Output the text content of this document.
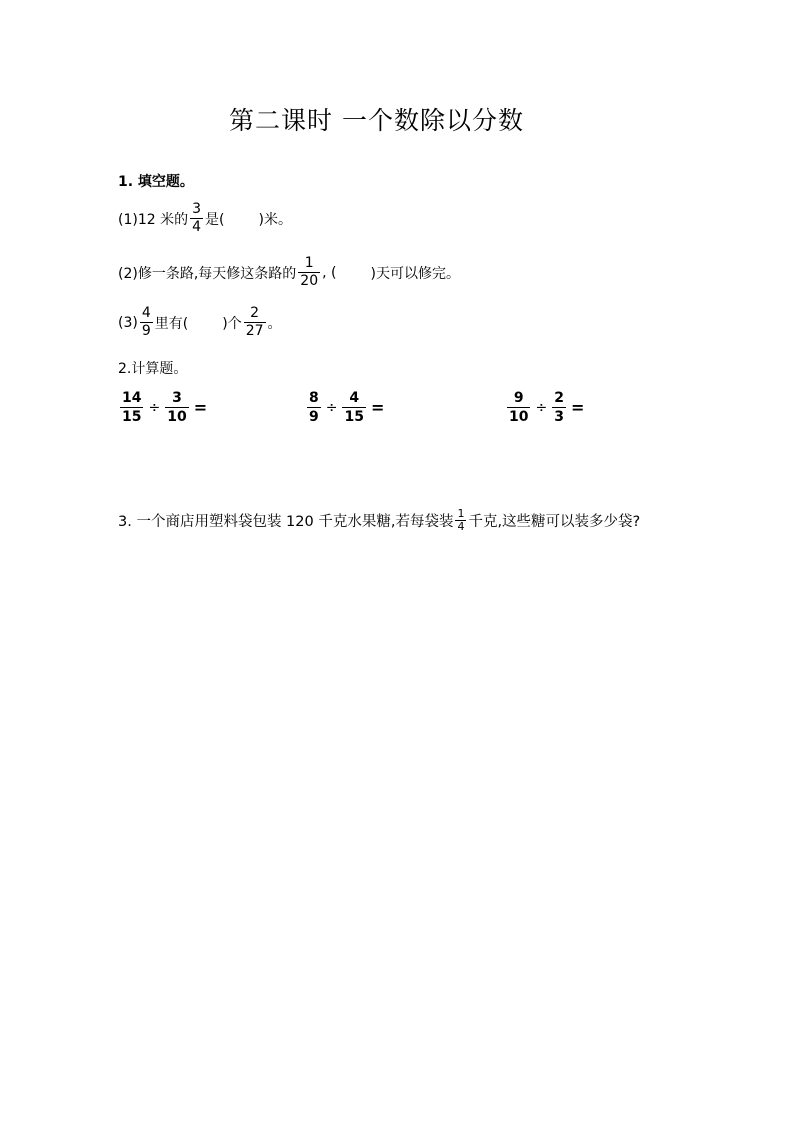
第二课时 一个数除以分数
1. 填空题。
(1)12 米的 $\frac{3}{4}$ 是( )米。
(2)修一条路,每天修这条路的 $\frac{1}{20}$ , ( )天可以修完。
$(3) \frac{4}{9}$ 里有( )个 $\frac{2}{27}$ 。
2.计算题。
$\frac{14}{15} \div \frac{3}{10}$ =	$\frac{8}{9} \div \frac{4}{15}$ =	$\frac{9}{10} \div \frac{2}{3}$ =
3. 一个商店用塑料袋包装 120 千克水果糖,若每袋装 $\frac{1}{4}$ 千克,这些糖可以装多少袋?
